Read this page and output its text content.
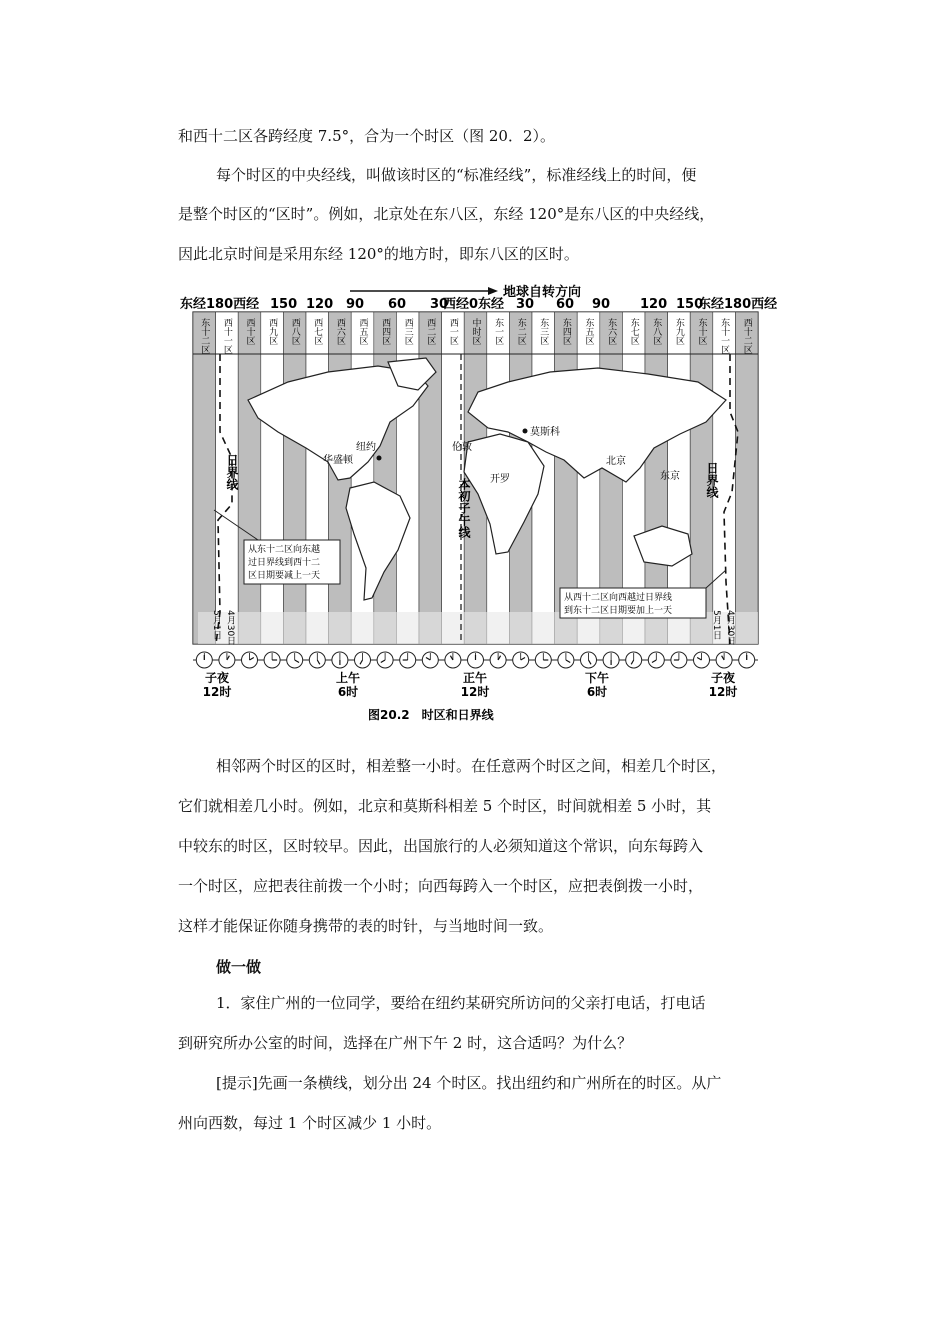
和西十二区各跨经度 7.5°，合为一个时区（图 20．2）。
每个时区的中央经线，叫做该时区的“标准经线”，标准经线上的时间，便
是整个时区的“区时”。例如，北京处在东八区，东经 120°是东八区的中央经线，
因此北京时间是采用东经 120°的地方时，即东八区的区时。
地球自转方向
东经180西经	东经180西经
西经0东经
150 120 90 60 30	30 60 90 120 150
东十二区 西十一区 西十区 西九区 西八区 西七区 西六区 西五区 西四区 西三区 西二区 西一区 中时区 东一区 东二区 东三区 东四区 东五区 东六区 东七区 东八区 东九区 东十区 东十一区 西十二区
日界线	日界线
本初子午线
华盛顿
纽约	伦敦
莫斯科
北京
东京
开罗
从东十二区向东越
过日界线到西十二
区日期要减上一天
从西十二区向西越过日界线
到东十二区日期要加上一天
5月1日 4月30日	5月1日 4月30日
子夜
12时
上午
6时
正午
12时
下午
6时
子夜
12时
图20.2　时区和日界线
相邻两个时区的区时，相差整一小时。在任意两个时区之间，相差几个时区，
它们就相差几小时。例如，北京和莫斯科相差 5 个时区，时间就相差 5 小时，其
中较东的时区，区时较早。因此，出国旅行的人必须知道这个常识，向东每跨入
一个时区，应把表往前拨一个小时；向西每跨入一个时区，应把表倒拨一小时，
这样才能保证你随身携带的表的时针，与当地时间一致。
做一做
1．家住广州的一位同学，要给在纽约某研究所访问的父亲打电话，打电话
到研究所办公室的时间，选择在广州下午 2 时，这合适吗？为什么？
[提示]先画一条横线，划分出 24 个时区。找出纽约和广州所在的时区。从广
州向西数，每过 1 个时区减少 1 小时。
